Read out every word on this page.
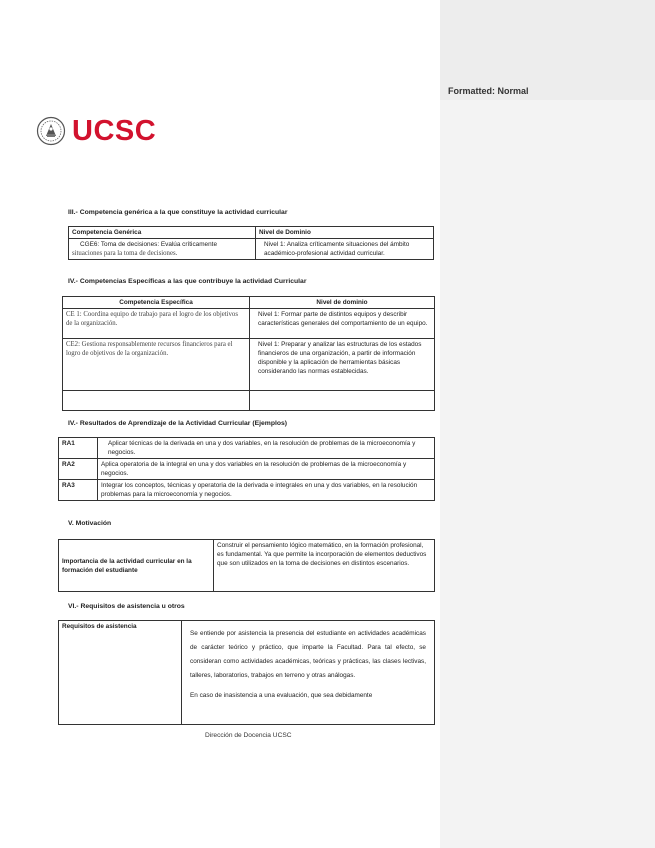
UCSC
III.- Competencia genérica a la que constituye la actividad curricular
Competencia Genérica	Nivel de Dominio

CGE6: Toma de decisiones: Evalúa críticamente
situaciones para la toma de decisiones.	Nivel 1: Analiza críticamente situaciones del ámbito académico-profesional actividad curricular.
IV.- Competencias Específicas a las que contribuye la actividad Curricular
Competencia Específica	Nivel de dominio
CE 1: Coordina equipo de trabajo para el logro de los objetivos de la organización.	Nivel 1: Formar parte de distintos equipos y describir características generales del comportamiento de un equipo.
CE2: Gestiona responsablemente recursos financieros para el logro de objetivos de la organización.	Nivel 1: Preparar y analizar las estructuras de los estados financieros de una organización, a partir de información disponible y la aplicación de herramientas básicas considerando las normas establecidas.

IV.- Resultados de Aprendizaje de la Actividad Curricular (Ejemplos)
RA1	Aplicar técnicas de la derivada en una y dos variables, en la resolución de problemas de la microeconomía y negocios.
RA2	Aplica operatoria de la integral en una y dos variables en la resolución de problemas de la microeconomía y negocios.
RA3	Integrar los conceptos, técnicas y operatoria de la derivada e integrales en una y dos variables, en la resolución problemas para la microeconomía y negocios.
V. Motivación
Importancia de la actividad curricular en la formación del estudiante	Construir el pensamiento lógico matemático, en la formación profesional, es fundamental. Ya que permite la incorporación de elementos deductivos que son utilizados en la toma de decisiones en distintos escenarios.
VI.- Requisitos de asistencia u otros
Requisitos de asistencia	
Se entiende por asistencia la presencia del estudiante en actividades académicas de carácter teórico y práctico, que imparte la Facultad. Para tal efecto, se consideran como actividades académicas, teóricas y prácticas, las clases lectivas, talleres, laboratorios, trabajos en terreno y otras análogas.
En caso de inasistencia a una evaluación, que sea debidamente
Dirección de Docencia UCSC
Formatted: Normal
